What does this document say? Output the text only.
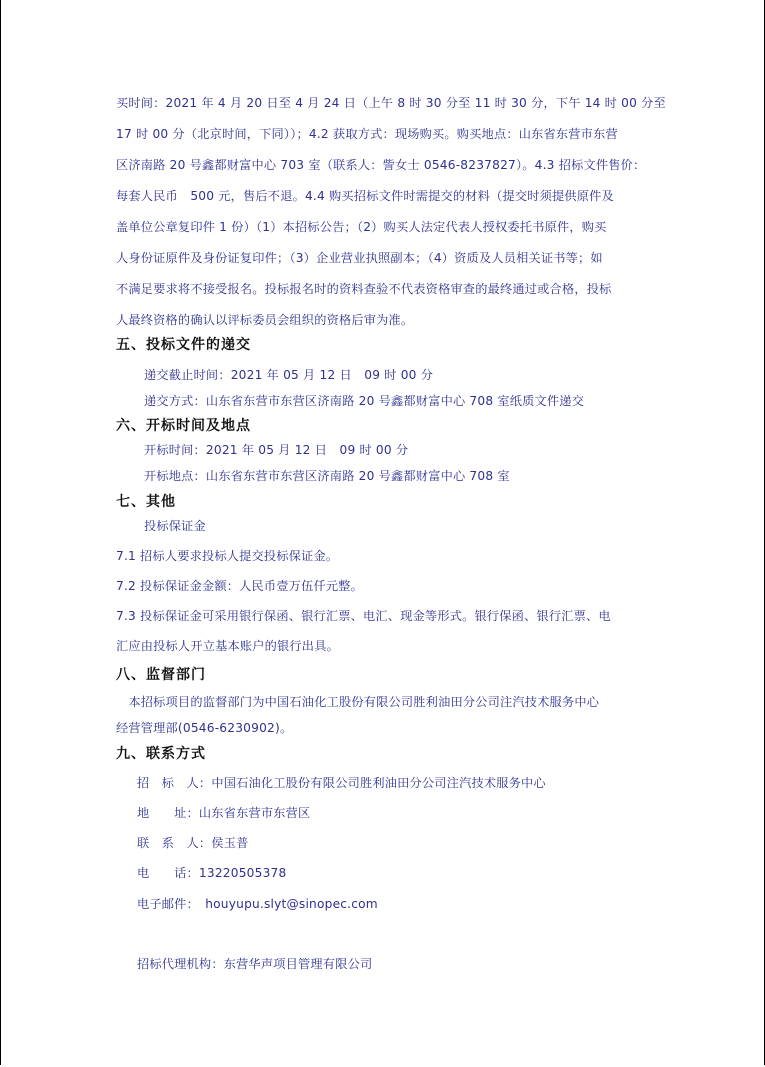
买时间：2021 年 4 月 20 日至 4 月 24 日（上午 8 时 30 分至 11 时 30 分，下午 14 时 00 分至
17 时 00 分（北京时间，下同））；4.2 获取方式：现场购买。购买地点：山东省东营市东营
区济南路 20 号鑫都财富中心 703 室（联系人：訾女士 0546-8237827）。4.3 招标文件售价：
每套人民币　500 元，售后不退。4.4 购买招标文件时需提交的材料（提交时须提供原件及
盖单位公章复印件 1 份）（1）本招标公告；（2）购买人法定代表人授权委托书原件，购买
人身份证原件及身份证复印件；（3）企业营业执照副本；（4）资质及人员相关证书等；如
不满足要求将不接受报名。投标报名时的资料查验不代表资格审查的最终通过或合格，投标
人最终资格的确认以评标委员会组织的资格后审为准。
五、投标文件的递交
递交截止时间：2021 年 05 月 12 日　09 时 00 分
递交方式：山东省东营市东营区济南路 20 号鑫都财富中心 708 室纸质文件递交
六、开标时间及地点
开标时间：2021 年 05 月 12 日　09 时 00 分
开标地点：山东省东营市东营区济南路 20 号鑫都财富中心 708 室
七、其他
投标保证金
7.1 招标人要求投标人提交投标保证金。
7.2 投标保证金金额：人民币壹万伍仟元整。
7.3 投标保证金可采用银行保函、银行汇票、电汇、现金等形式。银行保函、银行汇票、电
汇应由投标人开立基本账户的银行出具。
八、监督部门
　本招标项目的监督部门为中国石油化工股份有限公司胜利油田分公司注汽技术服务中心
经营管理部(0546-6230902)。
九、联系方式
招　标　人：中国石油化工股份有限公司胜利油田分公司注汽技术服务中心
地　　址：山东省东营市东营区
联　系　人：侯玉普
电　　话：13220505378
电子邮件：　houyupu.slyt@sinopec.com
招标代理机构：东营华声项目管理有限公司
